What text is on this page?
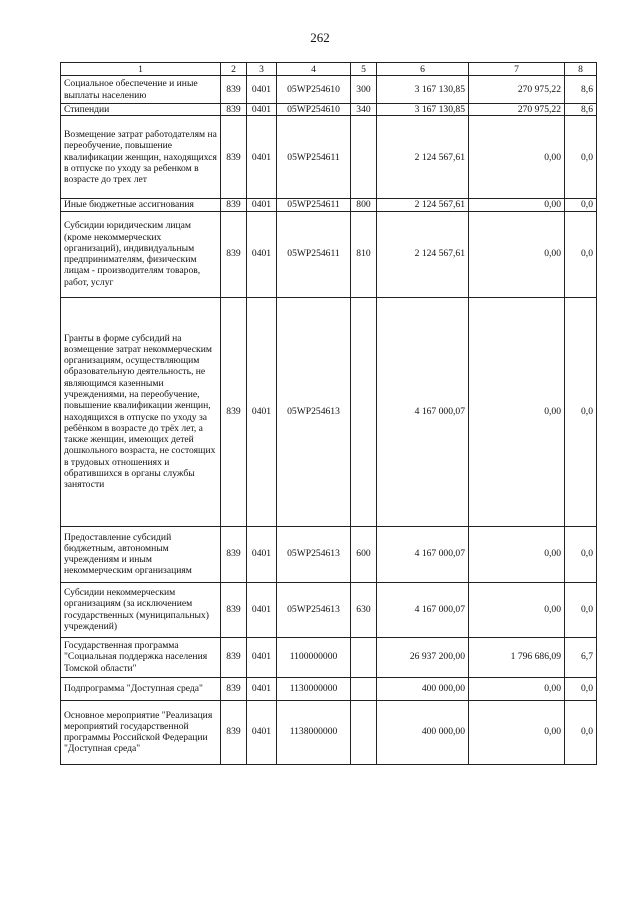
262
1	2	3	4	5	6	7	8
Социальное обеспечение и иные выплаты населению	839	0401	05WP254610	300	3 167 130,85	270 975,22	8,6
Стипендии	839	0401	05WP254610	340	3 167 130,85	270 975,22	8,6
Возмещение затрат работодателям на переобучение, повышение квалификации женщин, находящихся в отпуске по уходу за ребенком в возрасте до трех лет	839	0401	05WP254611		2 124 567,61	0,00	0,0
Иные бюджетные ассигнования	839	0401	05WP254611	800	2 124 567,61	0,00	0,0
Субсидии юридическим лицам (кроме некоммерческих организаций), индивидуальным предпринимателям, физическим лицам - производителям товаров, работ, услуг	839	0401	05WP254611	810	2 124 567,61	0,00	0,0
Гранты в форме субсидий на возмещение затрат некоммерческим организациям, осуществляющим образовательную деятельность, не являющимся казенными учреждениями, на переобучение, повышение квалификации женщин, находящихся в отпуске по уходу за ребёнком в возрасте до трёх лет, а также женщин, имеющих детей дошкольного возраста, не состоящих в трудовых отношениях и обратившихся в органы службы занятости	839	0401	05WP254613		4 167 000,07	0,00	0,0
Предоставление субсидий бюджетным, автономным учреждениям и иным некоммерческим организациям	839	0401	05WP254613	600	4 167 000,07	0,00	0,0
Субсидии некоммерческим организациям (за исключением государственных (муниципальных) учреждений)	839	0401	05WP254613	630	4 167 000,07	0,00	0,0
Государственная программа "Социальная поддержка населения Томской области"	839	0401	1100000000		26 937 200,00	1 796 686,09	6,7
Подпрограмма "Доступная среда"	839	0401	1130000000		400 000,00	0,00	0,0
Основное мероприятие "Реализация мероприятий государственной программы Российской Федерации "Доступная среда"	839	0401	1138000000		400 000,00	0,00	0,0
